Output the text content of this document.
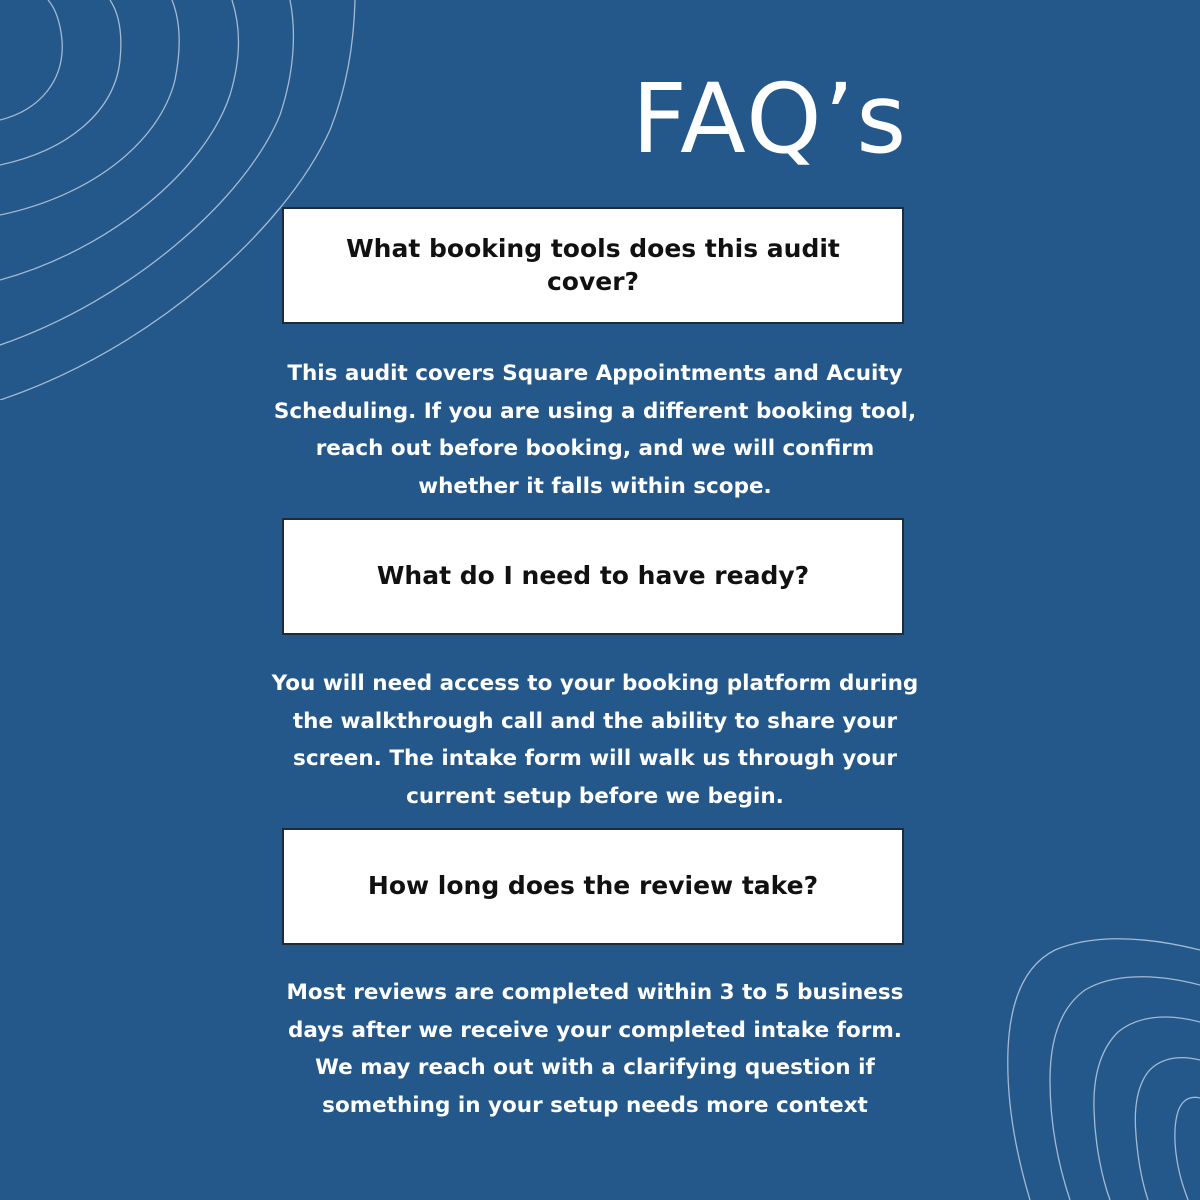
FAQ’s
What booking tools does this audit cover?

This audit covers Square Appointments and Acuity Scheduling. If you are using a different booking tool, reach out before booking, and we will confirm whether it falls within scope.

What do I need to have ready?

You will need access to your booking platform during the walkthrough call and the ability to share your screen. The intake form will walk us through your current setup before we begin.

How long does the review take?

Most reviews are completed within 3 to 5 business days after we receive your completed intake form. We may reach out with a clarifying question if something in your setup needs more context
